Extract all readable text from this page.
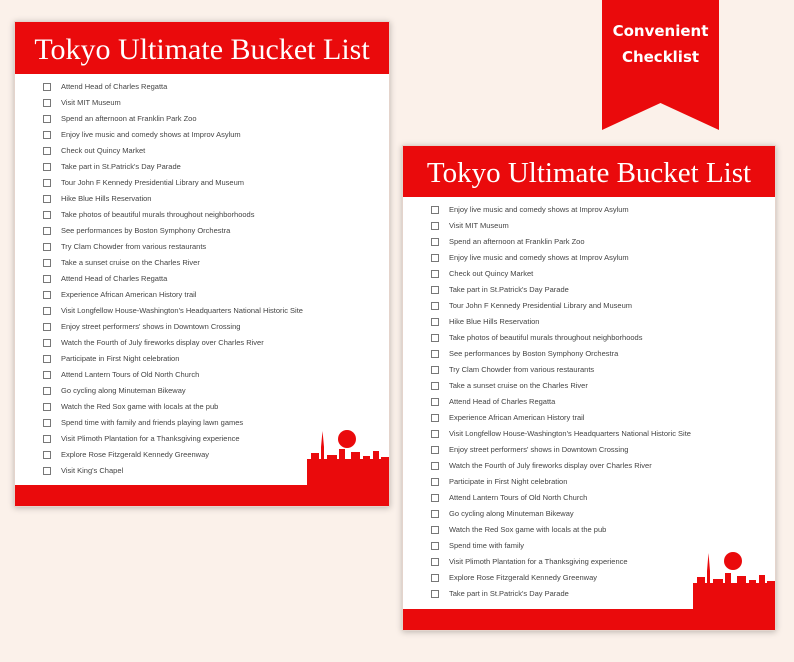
Convenient
Checklist
Tokyo Ultimate Bucket List
Attend Head of Charles Regatta
Visit MIT Museum
Spend an afternoon at Franklin Park Zoo
Enjoy live music and comedy shows at Improv Asylum
Check out Quincy Market
Take part in St.Patrick's Day Parade
Tour John F Kennedy Presidential Library and Museum
Hike Blue Hills Reservation
Take photos of beautiful murals throughout neighborhoods
See performances by Boston Symphony Orchestra
Try Clam Chowder from various restaurants
Take a sunset cruise on the Charles River
Attend Head of Charles Regatta
Experience African American History trail
Visit Longfellow House-Washington's Headquarters National Historic Site
Enjoy street performers' shows in Downtown Crossing
Watch the Fourth of July fireworks display over Charles River
Participate in First Night celebration
Attend Lantern Tours of Old North Church
Go cycling along Minuteman Bikeway
Watch the Red Sox game with locals at the pub
Spend time with family and friends playing lawn games
Visit Plimoth Plantation for a Thanksgiving experience
Explore Rose Fitzgerald Kennedy Greenway
Visit King's Chapel
Tokyo Ultimate Bucket List
Enjoy live music and comedy shows at Improv Asylum
Visit MIT Museum
Spend an afternoon at Franklin Park Zoo
Enjoy live music and comedy shows at Improv Asylum
Check out Quincy Market
Take part in St.Patrick's Day Parade
Tour John F Kennedy Presidential Library and Museum
Hike Blue Hills Reservation
Take photos of beautiful murals throughout neighborhoods
See performances by Boston Symphony Orchestra
Try Clam Chowder from various restaurants
Take a sunset cruise on the Charles River
Attend Head of Charles Regatta
Experience African American History trail
Visit Longfellow House-Washington's Headquarters National Historic Site
Enjoy street performers' shows in Downtown Crossing
Watch the Fourth of July fireworks display over Charles River
Participate in First Night celebration
Attend Lantern Tours of Old North Church
Go cycling along Minuteman Bikeway
Watch the Red Sox game with locals at the pub
Spend time with family
Visit Plimoth Plantation for a Thanksgiving experience
Explore Rose Fitzgerald Kennedy Greenway
Take part in St.Patrick's Day Parade
